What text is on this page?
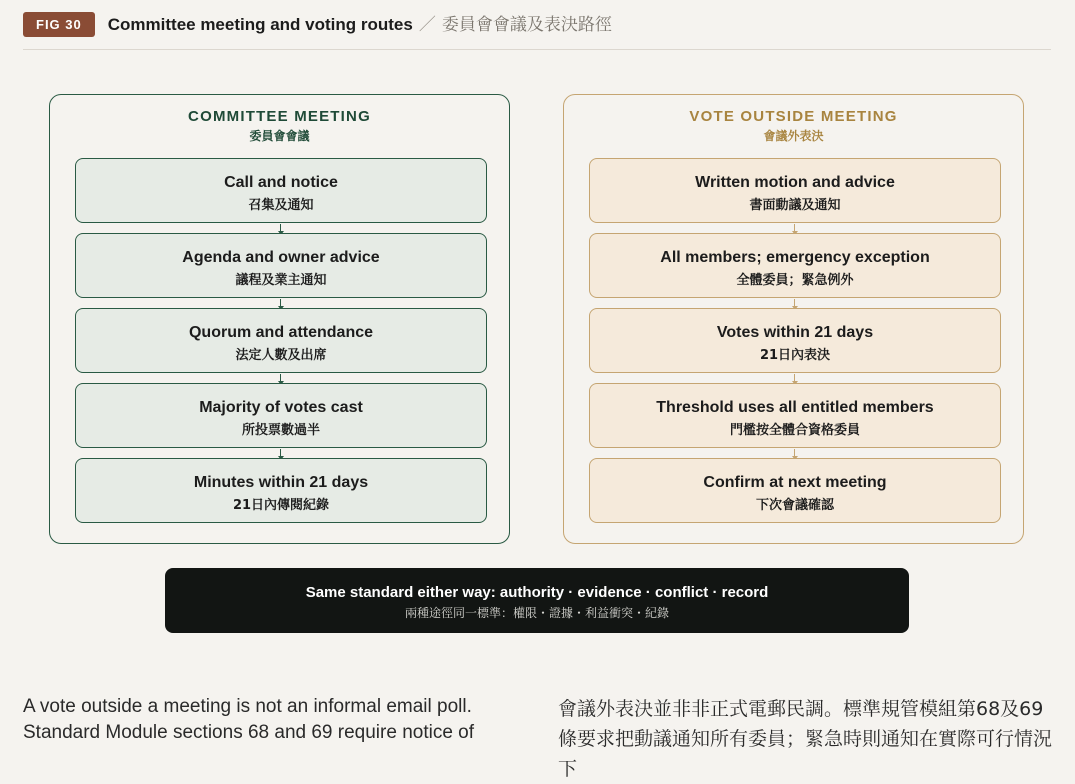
FIG 30	Committee meeting and voting routes ／ 委員會會議及表決路徑
COMMITTEE MEETING
委員會會議
Call and notice
召集及通知
Agenda and owner advice
議程及業主通知
Quorum and attendance
法定人數及出席
Majority of votes cast
所投票數過半
Minutes within 21 days
21日內傳閱紀錄
VOTE OUTSIDE MEETING
會議外表決
Written motion and advice
書面動議及通知
All members; emergency exception
全體委員；緊急例外
Votes within 21 days
21日內表決
Threshold uses all entitled members
門檻按全體合資格委員
Confirm at next meeting
下次會議確認
Same standard either way: authority · evidence · conflict · record
兩種途徑同一標準：權限・證據・利益衝突・紀錄
A vote outside a meeting is not an informal email poll. Standard Module sections 68 and 69 require notice of
會議外表決並非非正式電郵民調。標準規管模組第68及69條要求把動議通知所有委員；緊急時則通知在實際可行情況下
